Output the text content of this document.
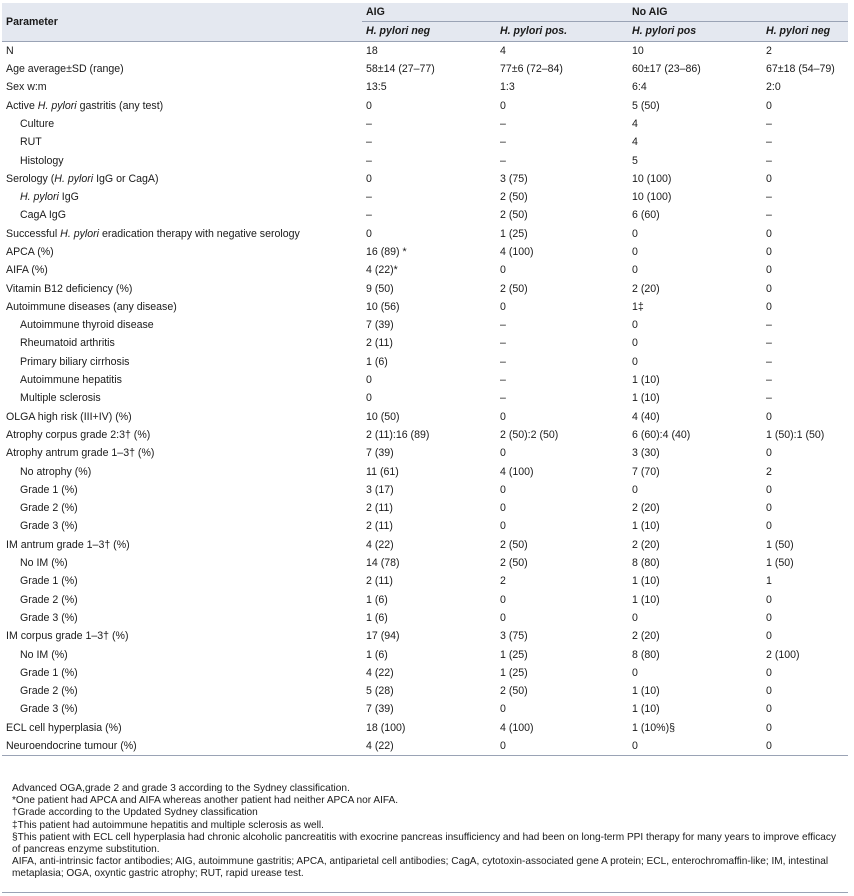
Parameter	AIG		No AIG	
	H. pylori neg	H. pylori pos.	H. pylori pos	H. pylori neg
N	18	4	10	2
Age average±SD (range)	58±14 (27–77)	77±6 (72–84)	60±17 (23–86)	67±18 (54–79)
Sex w:m	13:5	1:3	6:4	2:0
Active H. pylori gastritis (any test)	0	0	5 (50)	0
Culture	–	–	4	–
RUT	–	–	4	–
Histology	–	–	5	–
Serology (H. pylori IgG or CagA)	0	3 (75)	10 (100)	0
H. pylori IgG	–	2 (50)	10 (100)	–
CagA IgG	–	2 (50)	6 (60)	–
Successful H. pylori eradication therapy with negative serology	0	1 (25)	0	0
APCA (%)	16 (89) *	4 (100)	0	0
AIFA (%)	4 (22)*	0	0	0
Vitamin B12 deficiency (%)	9 (50)	2 (50)	2 (20)	0
Autoimmune diseases (any disease)	10 (56)	0	1‡	0
Autoimmune thyroid disease	7 (39)	–	0	–
Rheumatoid arthritis	2 (11)	–	0	–
Primary biliary cirrhosis	1 (6)	–	0	–
Autoimmune hepatitis	0	–	1 (10)	–
Multiple sclerosis	0	–	1 (10)	–
OLGA high risk (III+IV) (%)	10 (50)	0	4 (40)	0
Atrophy corpus grade 2:3† (%)	2 (11):16 (89)	2 (50):2 (50)	6 (60):4 (40)	1 (50):1 (50)
Atrophy antrum grade 1–3† (%)	7 (39)	0	3 (30)	0
No atrophy (%)	11 (61)	4 (100)	7 (70)	2
Grade 1 (%)	3 (17)	0	0	0
Grade 2 (%)	2 (11)	0	2 (20)	0
Grade 3 (%)	2 (11)	0	1 (10)	0
IM antrum grade 1–3† (%)	4 (22)	2 (50)	2 (20)	1 (50)
No IM (%)	14 (78)	2 (50)	8 (80)	1 (50)
Grade 1 (%)	2 (11)	2	1 (10)	1
Grade 2 (%)	1 (6)	0	1 (10)	0
Grade 3 (%)	1 (6)	0	0	0
IM corpus grade 1–3† (%)	17 (94)	3 (75)	2 (20)	0
No IM (%)	1 (6)	1 (25)	8 (80)	2 (100)
Grade 1 (%)	4 (22)	1 (25)	0	0
Grade 2 (%)	5 (28)	2 (50)	1 (10)	0
Grade 3 (%)	7 (39)	0	1 (10)	0
ECL cell hyperplasia (%)	18 (100)	4 (100)	1 (10%)§	0
Neuroendocrine tumour (%)	4 (22)	0	0	0
Advanced OGA,grade 2 and grade 3 according to the Sydney classification.
*One patient had APCA and AIFA whereas another patient had neither APCA nor AIFA.
†Grade according to the Updated Sydney classification
‡This patient had autoimmune hepatitis and multiple sclerosis as well.
§This patient with ECL cell hyperplasia had chronic alcoholic pancreatitis with exocrine pancreas insufficiency and had been on long-term PPI therapy for many years to improve efficacy of pancreas enzyme substitution.
AIFA, anti-intrinsic factor antibodies; AIG, autoimmune gastritis; APCA, antiparietal cell antibodies; CagA, cytotoxin-associated gene A protein; ECL, enterochromaffin-like; IM, intestinal metaplasia; OGA, oxyntic gastric atrophy; RUT, rapid urease test.
